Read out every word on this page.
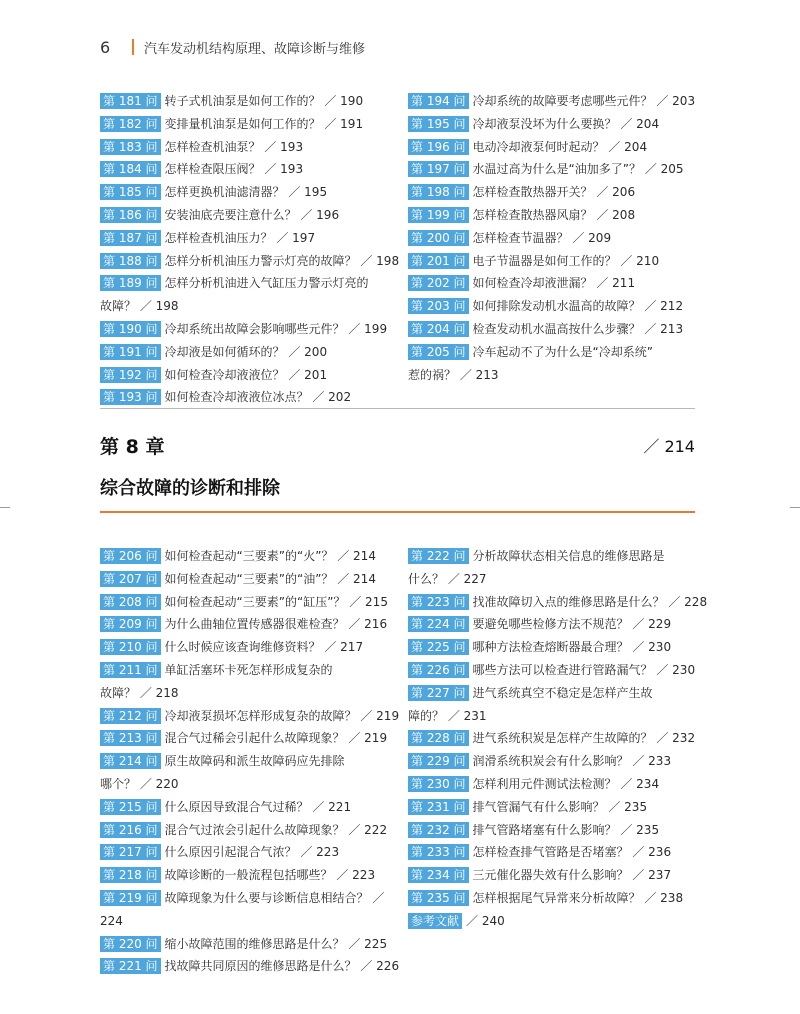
6	汽车发动机结构原理、故障诊断与维修
第 181 问 转子式机油泵是如何工作的？ ／ 190
第 182 问 变排量机油泵是如何工作的？ ／ 191
第 183 问 怎样检查机油泵？ ／ 193
第 184 问 怎样检查限压阀？ ／ 193
第 185 问 怎样更换机油滤清器？ ／ 195
第 186 问 安装油底壳要注意什么？ ／ 196
第 187 问 怎样检查机油压力？ ／ 197
第 188 问 怎样分析机油压力警示灯亮的故障？ ／ 198
第 189 问 怎样分析机油进入气缸压力警示灯亮的
故障？ ／ 198
第 190 问 冷却系统出故障会影响哪些元件？ ／ 199
第 191 问 冷却液是如何循环的？ ／ 200
第 192 问 如何检查冷却液液位？ ／ 201
第 193 问 如何检查冷却液液位冰点？ ／ 202
第 194 问 冷却系统的故障要考虑哪些元件？ ／ 203
第 195 问 冷却液泵没坏为什么要换？ ／ 204
第 196 问 电动冷却液泵何时起动？ ／ 204
第 197 问 水温过高为什么是“油加多了”？ ／ 205
第 198 问 怎样检查散热器开关？ ／ 206
第 199 问 怎样检查散热器风扇？ ／ 208
第 200 问 怎样检查节温器？ ／ 209
第 201 问 电子节温器是如何工作的？ ／ 210
第 202 问 如何检查冷却液泄漏？ ／ 211
第 203 问 如何排除发动机水温高的故障？ ／ 212
第 204 问 检查发动机水温高按什么步骤？ ／ 213
第 205 问 冷车起动不了为什么是“冷却系统”
惹的祸？ ／ 213
第 8 章	／ 214
综合故障的诊断和排除
第 206 问 如何检查起动“三要素”的“火”？ ／ 214
第 207 问 如何检查起动“三要素”的“油”？ ／ 214
第 208 问 如何检查起动“三要素”的“缸压”？ ／ 215
第 209 问 为什么曲轴位置传感器很难检查？ ／ 216
第 210 问 什么时候应该查询维修资料？ ／ 217
第 211 问 单缸活塞环卡死怎样形成复杂的
故障？ ／ 218
第 212 问 冷却液泵损坏怎样形成复杂的故障？ ／ 219
第 213 问 混合气过稀会引起什么故障现象？ ／ 219
第 214 问 原生故障码和派生故障码应先排除
哪个？ ／ 220
第 215 问 什么原因导致混合气过稀？ ／ 221
第 216 问 混合气过浓会引起什么故障现象？ ／ 222
第 217 问 什么原因引起混合气浓？ ／ 223
第 218 问 故障诊断的一般流程包括哪些？ ／ 223
第 219 问 故障现象为什么要与诊断信息相结合？ ／ 224
第 220 问 缩小故障范围的维修思路是什么？ ／ 225
第 221 问 找故障共同原因的维修思路是什么？ ／ 226
第 222 问 分析故障状态相关信息的维修思路是
什么？ ／ 227
第 223 问 找准故障切入点的维修思路是什么？ ／ 228
第 224 问 要避免哪些检修方法不规范？ ／ 229
第 225 问 哪种方法检查熔断器最合理？ ／ 230
第 226 问 哪些方法可以检查进行管路漏气？ ／ 230
第 227 问 进气系统真空不稳定是怎样产生故
障的？ ／ 231
第 228 问 进气系统积炭是怎样产生故障的？ ／ 232
第 229 问 润滑系统积炭会有什么影响？ ／ 233
第 230 问 怎样利用元件测试法检测？ ／ 234
第 231 问 排气管漏气有什么影响？ ／ 235
第 232 问 排气管路堵塞有什么影响？ ／ 235
第 233 问 怎样检查排气管路是否堵塞？ ／ 236
第 234 问 三元催化器失效有什么影响？ ／ 237
第 235 问 怎样根据尾气异常来分析故障？ ／ 238
参考文献 ／ 240
